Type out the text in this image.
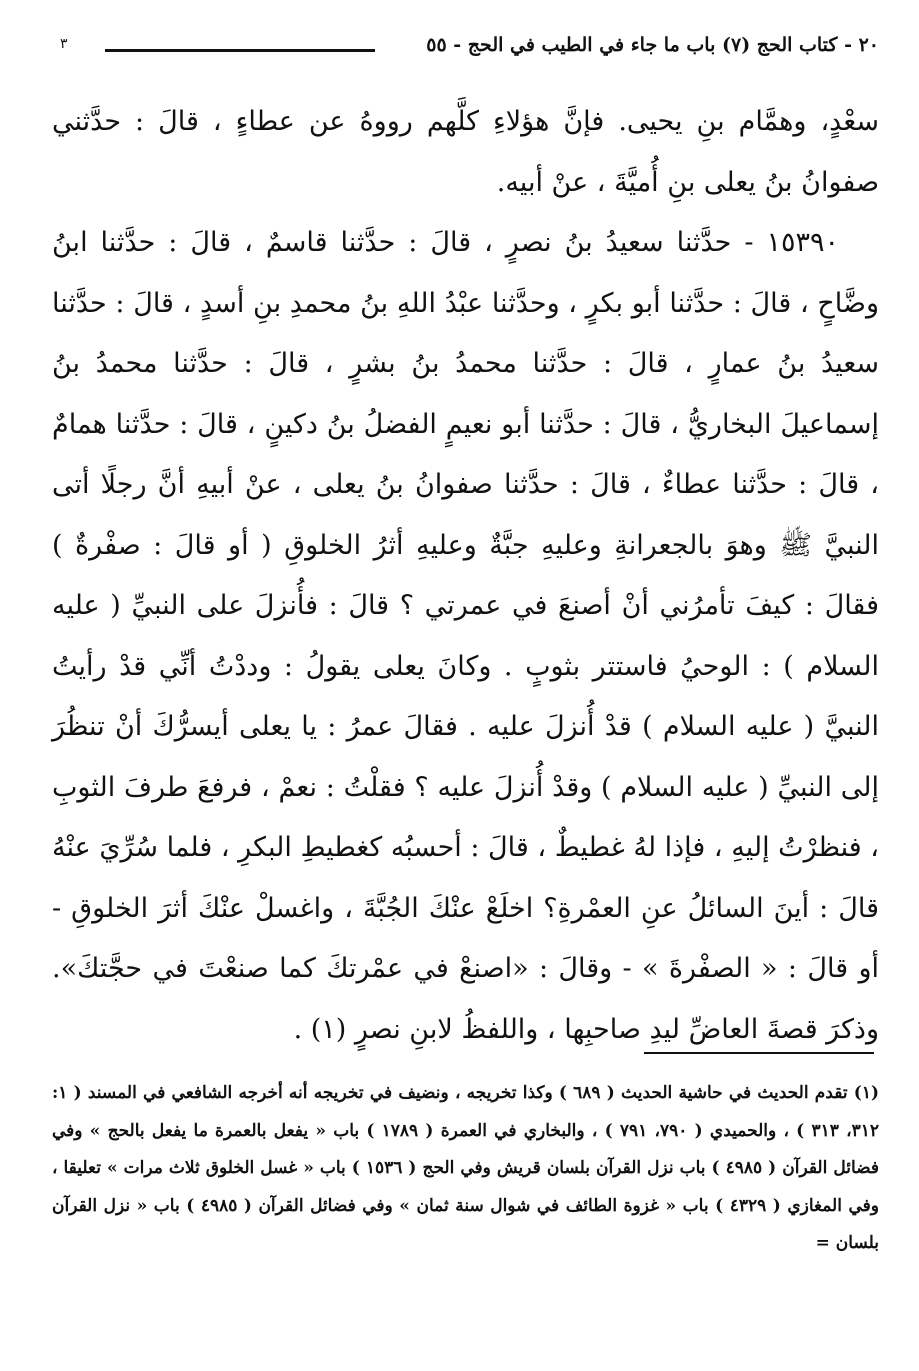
٢٠ - كتاب الحج (٧) باب ما جاء في الطيب في الحج - ٥٥
٣

سعْدٍ، وهمَّام بنِ يحيى. فإنَّ هؤلاءِ كلَّهم رووهُ عن عطاءٍ ، قالَ : حدَّثني صفوانُ بنُ يعلى بنِ أُميَّةَ ، عنْ أبيه.

١٥٣٩٠ - حدَّثنا سعيدُ بنُ نصرٍ ، قالَ : حدَّثنا قاسمٌ ، قالَ : حدَّثنا ابنُ وضَّاحٍ ، قالَ : حدَّثنا أبو بكرٍ ، وحدَّثنا عبْدُ اللهِ بنُ محمدِ بنِ أسدٍ ، قالَ : حدَّثنا سعيدُ بنُ عمارٍ ، قالَ : حدَّثنا محمدُ بنُ بشرٍ ، قالَ : حدَّثنا محمدُ بنُ إسماعيلَ البخاريُّ ، قالَ : حدَّثنا أبو نعيمٍ الفضلُ بنُ دكينٍ ، قالَ : حدَّثنا همامٌ ، قالَ : حدَّثنا عطاءٌ ، قالَ : حدَّثنا صفوانُ بنُ يعلى ، عنْ أبيهِ أنَّ رجلًا أتى النبيَّ ﷺ وهوَ بالجعرانةِ وعليهِ جبَّةٌ وعليهِ أثرُ الخلوقِ ( أو قالَ : صفْرةٌ ) فقالَ : كيفَ تأمرُني أنْ أصنعَ في عمرتي ؟ قالَ : فأُنزلَ على النبيِّ ( عليه السلام ) : الوحيُ فاستتر بثوبٍ . وكانَ يعلى يقولُ : وددْتُ أنِّي قدْ رأيتُ النبيَّ ( عليه السلام ) قدْ أُنزلَ عليه . فقالَ عمرُ : يا يعلى أيسرُّكَ أنْ تنظُرَ إلى النبيِّ ( عليه السلام ) وقدْ أُنزلَ عليه ؟ فقلْتُ : نعمْ ، فرفعَ طرفَ الثوبِ ، فنظرْتُ إليهِ ، فإذا لهُ غطيطٌ ، قالَ : أحسبُه كغطيطِ البكرِ ، فلما سُرِّيَ عنْهُ قالَ : أينَ السائلُ عنِ العمْرةِ؟ اخلَعْ عنْكَ الجُبَّةَ ، واغسلْ عنْكَ أثرَ الخلوقِ - أو قالَ : « الصفْرةَ » - وقالَ : «اصنعْ في عمْرتكَ كما صنعْتَ في حجَّتكَ». وذكرَ قصةَ العاضِّ ليدِ صاحبِها ، واللفظُ لابنِ نصرٍ (١) .

(١) تقدم الحديث في حاشية الحديث ( ٦٨٩ ) وكذا تخريجه ، ونضيف في تخريجه أنه أخرجه الشافعي في المسند ( ١: ٣١٢، ٣١٣ ) ، والحميدي ( ٧٩٠، ٧٩١ ) ، والبخاري في العمرة ( ١٧٨٩ ) باب « يفعل بالعمرة ما يفعل بالحج » وفي فضائل القرآن ( ٤٩٨٥ ) باب نزل القرآن بلسان قريش وفي الحج ( ١٥٣٦ ) باب « غسل الخلوق ثلاث مرات » تعليقا ، وفي المغازي ( ٤٣٢٩ ) باب « غزوة الطائف في شوال سنة ثمان » وفي فضائل القرآن ( ٤٩٨٥ ) باب « نزل القرآن بلسان =
